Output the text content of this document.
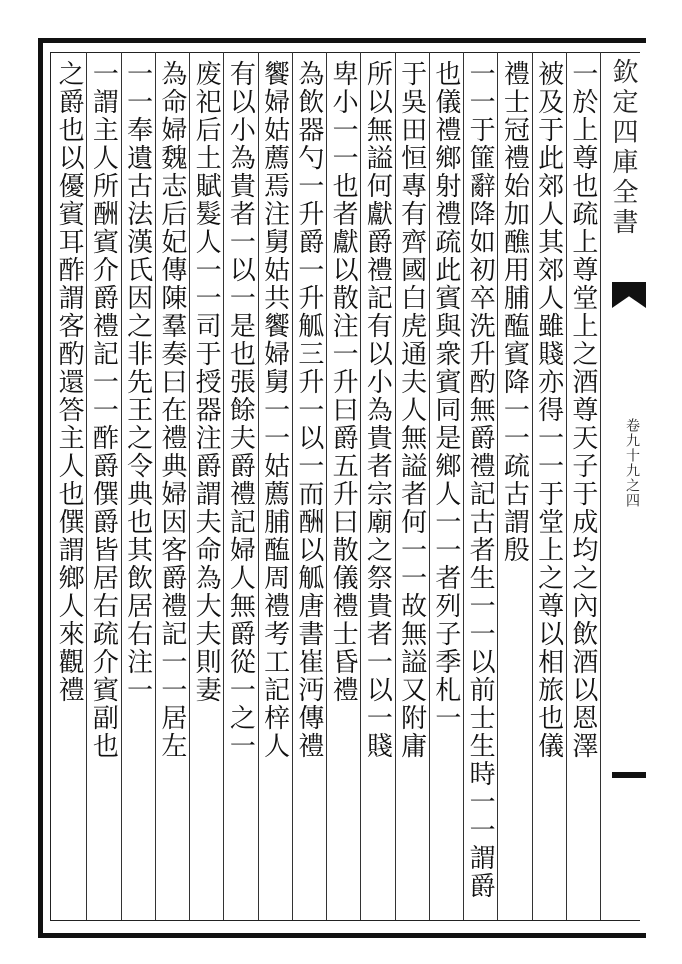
欽定四庫全書
卷九十九之四
一於上尊也疏上尊堂上之酒尊天子于成均之內飲酒以恩澤
被及于此郊人其郊人雖賤亦得一一于堂上之尊以相旅也儀
禮士冠禮始加醮用脯醢賓降一一疏古謂殷
一一于篚辭降如初卒洗升酌無爵禮記古者生一一以前士生時一一謂爵
也儀禮鄉射禮疏此賓與衆賓同是鄉人一一者列子季札一
于吳田恒專有齊國白虎通夫人無謚者何一一故無謚又附庸
所以無謚何獻爵禮記有以小為貴者宗廟之祭貴者一以一賤
卑小一一也者獻以散注一升曰爵五升曰散儀禮士昏禮
為飲器勺一升爵一升觚三升一以一而酬以觚唐書崔沔傳禮
饗婦姑薦焉注舅姑共饗婦舅一一姑薦脯醢周禮考工記梓人
有以小為貴者一以一是也張餘夫爵禮記婦人無爵從一之一
废祀后土賦髮人一一司于授器注爵謂夫命為大夫則妻
為命婦魏志后妃傳陳羣奏曰在禮典婦因客爵禮記一一居左
一一奉遺古法漢氏因之非先王之令典也其飲居右注一
一謂主人所酬賓介爵禮記一一酢爵僎爵皆居右疏介賓副也
之爵也以優賓耳酢謂客酌還答主人也僎謂鄉人來觀禮
